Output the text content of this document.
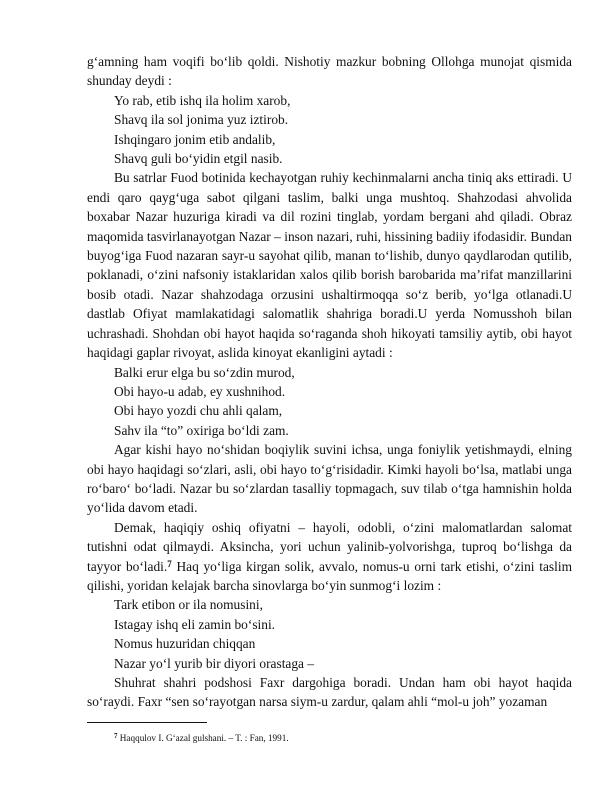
g‘amning ham voqifi bo‘lib qoldi. Nishotiy mazkur bobning Ollohga munojat qismida shunday deydi :

Yo rab, etib ishq ila holim xarob,

Shavq ila sol jonima yuz iztirob.

Ishqingaro jonim etib andalib,

Shavq guli bo‘yidin etgil nasib.

Bu satrlar Fuod botinida kechayotgan ruhiy kechinmalarni ancha tiniq aks ettiradi. U endi qaro qayg‘uga sabot qilgani taslim, balki unga mushtoq. Shahzodasi ahvolida boxabar Nazar huzuriga kiradi va dil rozini tinglab, yordam bergani ahd qiladi. Obraz maqomida tasvirlanayotgan Nazar – inson nazari, ruhi, hissining badiiy ifodasidir. Bundan buyog‘iga Fuod nazaran sayr-u sayohat qilib, manan to‘lishib, dunyo qaydlarodan qutilib, poklanadi, o‘zini nafsoniy istaklaridan xalos qilib borish barobarida ma’rifat manzillarini bosib otadi. Nazar shahzodaga orzusini ushaltirmoqqa so‘z berib, yo‘lga otlanadi.U dastlab Ofiyat mamlakatidagi salomatlik shahriga boradi.U yerda Nomusshoh bilan uchrashadi. Shohdan obi hayot haqida so‘raganda shoh hikoyati tamsiliy aytib, obi hayot haqidagi gaplar rivoyat, aslida kinoyat ekanligini aytadi :

Balki erur elga bu so‘zdin murod,

Obi hayo-u adab, ey xushnihod.

Obi hayo yozdi chu ahli qalam,

Sahv ila “to” oxiriga bo‘ldi zam.

Agar kishi hayo no‘shidan boqiylik suvini ichsa, unga foniylik yetishmaydi, elning obi hayo haqidagi so‘zlari, asli, obi hayo to‘g‘risidadir. Kimki hayoli bo‘lsa, matlabi unga ro‘baro‘ bo‘ladi. Nazar bu so‘zlardan tasalliy topmagach, suv tilab o‘tga hamnishin holda yo‘lida davom etadi.

Demak, haqiqiy oshiq ofiyatni – hayoli, odobli, o‘zini malomatlardan salomat tutishni odat qilmaydi. Aksincha, yori uchun yalinib-yolvorishga, tuproq bo‘lishga da tayyor bo‘ladi.$^7$ Haq yo‘liga kirgan solik, avvalo, nomus-u orni tark etishi, o‘zini taslim qilishi, yoridan kelajak barcha sinovlarga bo‘yin sunmog‘i lozim :

Tark etibon or ila nomusini,

Istagay ishq eli zamin bo‘sini.

Nomus huzuridan chiqqan

Nazar yo‘l yurib bir diyori orastaga –

Shuhrat shahri podshosi Faxr dargohiga boradi. Undan ham obi hayot haqida so‘raydi. Faxr “sen so‘rayotgan narsa siym-u zardur, qalam ahli “mol-u joh” yozaman

$^7$ Haqqulov I. G‘azal gulshani. – T. : Fan, 1991.
